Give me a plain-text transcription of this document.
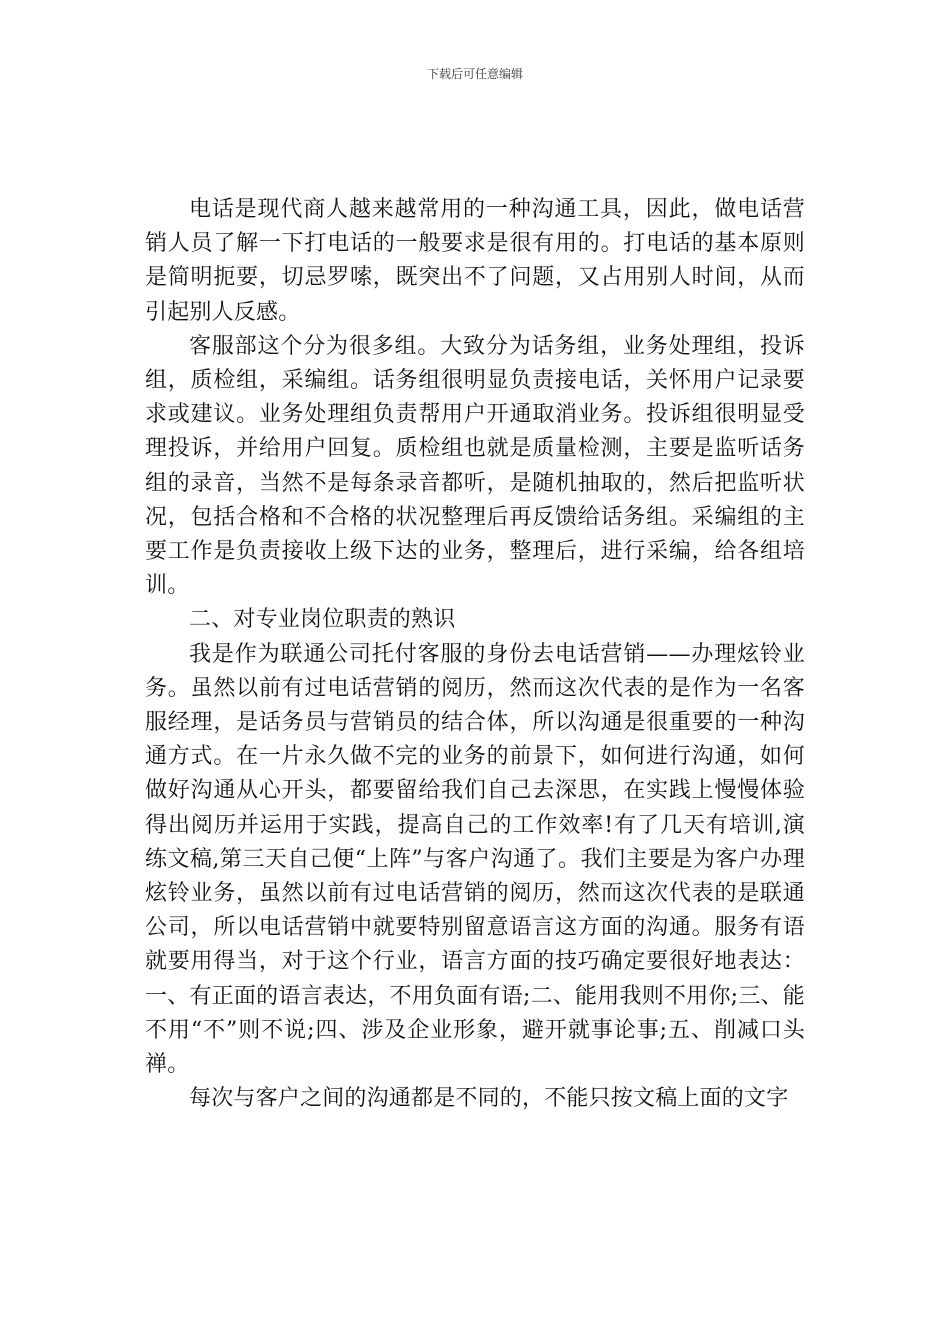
下载后可任意编辑

电话是现代商人越来越常用的一种沟通工具，因此，做电话营销人员了解一下打电话的一般要求是很有用的。打电话的基本原则是简明扼要，切忌罗嗦，既突出不了问题，又占用别人时间，从而引起别人反感。

客服部这个分为很多组。大致分为话务组，业务处理组，投诉组，质检组，采编组。话务组很明显负责接电话，关怀用户记录要求或建议。业务处理组负责帮用户开通取消业务。投诉组很明显受理投诉，并给用户回复。质检组也就是质量检测，主要是监听话务组的录音，当然不是每条录音都听，是随机抽取的，然后把监听状况，包括合格和不合格的状况整理后再反馈给话务组。采编组的主要工作是负责接收上级下达的业务，整理后，进行采编，给各组培训。

二、对专业岗位职责的熟识

我是作为联通公司托付客服的身份去电话营销——办理炫铃业务。虽然以前有过电话营销的阅历，然而这次代表的是作为一名客服经理，是话务员与营销员的结合体，所以沟通是很重要的一种沟通方式。在一片永久做不完的业务的前景下，如何进行沟通，如何做好沟通从心开头，都要留给我们自己去深思，在实践上慢慢体验得出阅历并运用于实践，提高自己的工作效率!有了几天有培训,演练文稿,第三天自己便“上阵”与客户沟通了。我们主要是为客户办理炫铃业务，虽然以前有过电话营销的阅历，然而这次代表的是联通公司，所以电话营销中就要特别留意语言这方面的沟通。服务有语就要用得当，对于这个行业，语言方面的技巧确定要很好地表达：一、有正面的语言表达，不用负面有语;二、能用我则不用你;三、能不用“不”则不说;四、涉及企业形象，避开就事论事;五、削减口头禅。

每次与客户之间的沟通都是不同的，不能只按文稿上面的文字
